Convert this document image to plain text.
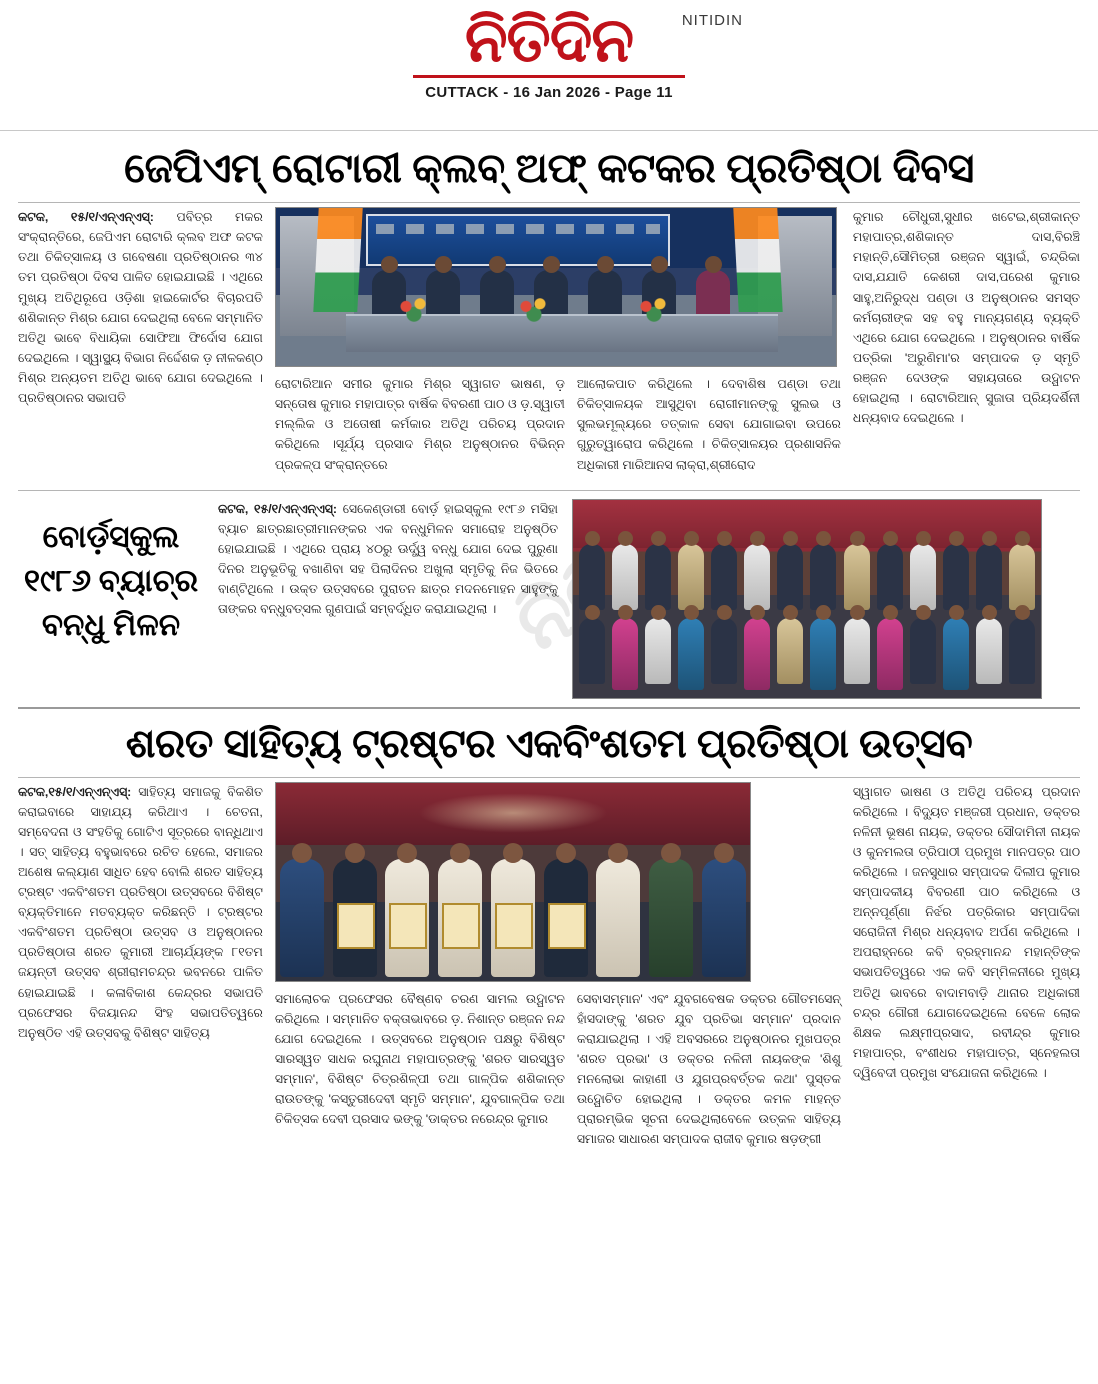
ନିତିଦିନ	NITIDIN
CUTTACK - 16 Jan 2026 - Page 11
ନିତି
ଜେପିଏମ୍ ରୋଟାରୀ କ୍ଲବ୍ ଅଫ୍ କଟକର ପ୍ରତିଷ୍ଠା ଦିବସ

କଟକ, ୧୫/୧/ଏନ୍ଏନ୍ଏସ୍: ପବିତ୍ର ମକର ସଂକ୍ରାନ୍ତିରେ, ଜେପିଏମ ରୋଟାରି କ୍ଲବ ଅଫ କଟକ ତଥା ଚିକିତ୍ସାଳୟ ଓ ଗବେଷଣା ପ୍ରତିଷ୍ଠାନର ୩୪ ତମ ପ୍ରତିଷ୍ଠା ଦିବସ ପାଳିତ ହୋଇଯାଇଛି । ଏଥିରେ ମୁଖ୍ୟ ଅତିଥିରୂପେ ଓଡ଼ିଶା ହାଇକୋର୍ଟର ବିଚାରପତି ଶଶିକାନ୍ତ ମିଶ୍ର ଯୋଗ ଦେଇଥିଲା ବେଳେ ସମ୍ମାନିତ ଅତିଥି ଭାବେ ବିଧାୟିକା ସୋଫିଆ ଫିର୍ଦୋସ ଯୋଗ ଦେଇଥିଲେ । ସ୍ୱାସ୍ଥ୍ୟ ବିଭାଗ ନିର୍ଦ୍ଦେଶକ ଡ଼ ନୀଳକଣ୍ଠ ମିଶ୍ର ଅନ୍ୟତମ ଅତିଥି ଭାବେ ଯୋଗ ଦେଇଥିଲେ । ପ୍ରତିଷ୍ଠାନର ସଭାପତି

ରୋଟାରିଆନ ସମୀର କୁମାର ମିଶ୍ର ସ୍ୱାଗତ ଭାଷଣ, ଡ଼ ସନ୍ତୋଷ କୁମାର ମହାପାତ୍ର ବାର୍ଷିକ ବିବରଣୀ ପାଠ ଓ ଡ଼.ସ୍ୱାତୀ ମଲ୍ଲିକ ଓ ଅତୋଷୀ କର୍ମକାର ଅତିଥି ପରିଚୟ ପ୍ରଦାନ କରିଥିଲେ ।ସୂର୍ଯ୍ୟ ପ୍ରସାଦ ମିଶ୍ର ଅନୁଷ୍ଠାନର ବିଭିନ୍ନ ପ୍ରକଳ୍ପ ସଂକ୍ରାନ୍ତରେ

ଆଲୋକପାତ କରିଥିଲେ । ଦେବାଶିଷ ପଣ୍ଡା ତଥା ଚିକିତ୍ସାଳୟକ ଆସୁଥିବା ରୋଗୀମାନଙ୍କୁ ସୁଲଭ ଓ ସୁଲଭମୂଲ୍ୟରେ ତତ୍କାଳ ସେବା ଯୋଗାଇବା ଉପରେ ଗୁରୁତ୍ୱାରୋପ କରିଥିଲେ । ଚିକିତ୍ସାଳୟର ପ୍ରଶାସନିକ ଅଧିକାରୀ ମାରିଆନସ ଲାକ୍ରା,ଶ୍ରୀରୋଦ

କୁମାର ଚୌଧୁରୀ,ସୁଧୀର ଖଟେଇ,ଶ୍ରୀକାନ୍ତ ମହାପାତ୍ର,ଶଶିକାନ୍ତ ଦାସ,ବିରଞ୍ଚି ମହାନ୍ତି,ସୌମିତ୍ରୀ ରଞ୍ଜନ ସ୍ୱାଇଁ, ଚନ୍ଦ୍ରିକା ଦାସ,ଯଯାତି କେଶରୀ ଦାସ,ପରେଶ କୁମାର ସାହୁ,ଅନିରୁଦ୍ଧ ପଣ୍ଡା ଓ ଅନୁଷ୍ଠାନର ସମସ୍ତ କର୍ମଚାରୀଙ୍କ ସହ ବହୁ ମାନ୍ୟଗଣ୍ୟ ବ୍ୟକ୍ତି ଏଥିରେ ଯୋଗ ଦେଇଥିଲେ । ଅନୁଷ୍ଠାନର ବାର୍ଷିକ ପତ୍ରିକା 'ଅରୁଣିମା'ର ସମ୍ପାଦକ ଡ଼ ସ୍ମୃତି ରଞ୍ଜନ ଦେଓଙ୍କ ସହାୟତାରେ ଉଦ୍ଘାଟନ ହୋଇଥିଲା । ରୋଟାରିଆନ୍ ସୁଜାତା ପ୍ରିୟଦର୍ଶିନୀ ଧନ୍ୟବାଦ ଦେଇଥିଲେ ।

ବୋର୍ଡ଼ସ୍କୁଲ ୧୯୮୬ ବ୍ୟାଚ୍‌ର ବନ୍ଧୁ ମିଳନ

କଟକ, ୧୫/୧/ଏନ୍ଏନ୍ଏସ୍: ସେକେଣ୍ଡାରୀ ବୋର୍ଡ଼ ହାଇସ୍କୁଲ ୧୯୮୬ ମସିହା ବ୍ୟାଚ ଛାତ୍ରଛାତ୍ରୀମାନଙ୍କର ଏକ ବନ୍ଧୁମିଳନ ସମାରୋହ ଅନୁଷ୍ଠିତ ହୋଇଯାଇଛି । ଏଥିରେ ପ୍ରାୟ ୪୦ରୁ ଊର୍ଦ୍ଧ୍ୱ ବନ୍ଧୁ ଯୋଗ ଦେଇ ପୁରୁଣା ଦିନର ଅନୁଭୂତିକୁ ବଖାଣିବା ସହ ପିଲାଦିନର ଅଖୁଲା ସ୍ମୃତିକୁ ନିଜ ଭିତରେ ବାଣ୍ଟିଥିଲେ । ଉକ୍ତ ଉତ୍ସବରେ ପୁରାତନ ଛାତ୍ର ମଦନମୋହନ ସାହୁଙ୍କୁ ତାଙ୍କର ବନ୍ଧୁବତ୍ସଲ ଗୁଣପାଇଁ ସମ୍ବର୍ଦ୍ଧିତ କରାଯାଇଥିଲା ।

ଶରତ ସାହିତ୍ୟ ଟ୍ରଷ୍ଟର ଏକବିଂଶତମ ପ୍ରତିଷ୍ଠା ଉତ୍ସବ

କଟକ,୧୫/୧/ଏନ୍ଏନ୍ଏସ୍: ସାହିତ୍ୟ ସମାଜକୁ ବିକଶିତ କରାଇବାରେ ସାହାଯ୍ୟ କରିଥାଏ । ଚେତନା, ସମ୍ବେଦନା ଓ ସଂହତିକୁ ଗୋଟିଏ ସୂତ୍ରରେ ବାନ୍ଧିଥାଏ । ସତ୍ ସାହିତ୍ୟ ବହୁଭାବରେ ରଚିତ ହେଲେ, ସମାଜର ଅଶେଷ କଲ୍ୟାଣ ସାଧିତ ହେବ ବୋଲି ଶରତ ସାହିତ୍ୟ ଟ୍ରଷ୍ଟ ଏକବିଂଶତମ ପ୍ରତିଷ୍ଠା ଉତ୍ସବରେ ବିଶିଷ୍ଟ ବ୍ୟକ୍ତିମାନେ ମତବ୍ୟକ୍ତ କରିଛନ୍ତି । ଟ୍ରଷ୍ଟର ଏକବିଂଶତମ ପ୍ରତିଷ୍ଠା ଉତ୍ସବ ଓ ଅନୁଷ୍ଠାନର ପ୍ରତିଷ୍ଠାତା ଶରତ କୁମାରୀ ଆଚାର୍ଯ୍ୟଙ୍କ ୮୧ତମ ଜୟନ୍ତୀ ଉତ୍ସବ ଶ୍ରୀରାମଚନ୍ଦ୍ର ଭବନରେ ପାଳିତ ହୋଇଯାଇଛି । କଳାବିକାଶ କେନ୍ଦ୍ରର ସଭାପତି ପ୍ରଫେସର ବିଜୟାନନ୍ଦ ସିଂହ ସଭାପତିତ୍ୱରେ ଅନୁଷ୍ଠିତ ଏହି ଉତ୍ସବକୁ ବିଶିଷ୍ଟ ସାହିତ୍ୟ

ସମାଲୋଚକ ପ୍ରଫେସର ବୈଷ୍ଣବ ଚରଣ ସାମଲ ଉଦ୍ଘାଟନ କରିଥିଲେ । ସମ୍ମାନିତ ବକ୍ତାଭାବରେ ଡ଼. ନିଶାନ୍ତ ରଞ୍ଜନ ନନ୍ଦ ଯୋଗ ଦେଇଥିଲେ । ଉତ୍ସବରେ ଅନୁଷ୍ଠାନ ପକ୍ଷରୁ ବିଶିଷ୍ଟ ସାରସ୍ୱତ ସାଧକ ରଘୁନାଥ ମହାପାତ୍ରଙ୍କୁ 'ଶରତ ସାରସ୍ୱତ ସମ୍ମାନ', ବିଶିଷ୍ଟ ଚିତ୍ରଶିଳ୍ପୀ ତଥା ଗାଳ୍ପିକ ଶଶିକାନ୍ତ ରାଉତଙ୍କୁ 'କସ୍ତୁରୀଦେବୀ ସ୍ମୃତି ସମ୍ମାନ', ଯୁବଗାଳ୍ପିକ ତଥା ଚିକିତ୍ସକ ଦେବୀ ପ୍ରସାଦ ଭଙ୍କୁ 'ଡାକ୍ତର ନରେନ୍ଦ୍ର କୁମାର

ସେବାସମ୍ମାନ' ଏବଂ ଯୁବଗବେଷକ ଡକ୍ତର ଗୌତମସେନ୍ ହାଁସଦାଙ୍କୁ 'ଶରତ ଯୁବ ପ୍ରତିଭା ସମ୍ମାନ' ପ୍ରଦାନ କରାଯାଇଥିଲା । ଏହି ଅବସରରେ ଅନୁଷ୍ଠାନର ମୁଖପତ୍ର 'ଶରତ ପ୍ରଭା' ଓ ଡକ୍ତର ନଳିନୀ ନାୟକଙ୍କ 'ଶିଶୁ ମନଲୋଭା କାହାଣୀ ଓ ଯୁଗପ୍ରବର୍ତ୍ତକ କଥା' ପୁସ୍ତକ ଉଦ୍ଘୋଚିତ ହୋଇଥିଲା । ଡକ୍ତର କମଳ ମାହନ୍ତ ପ୍ରାରମ୍ଭିକ ସୂଚନା ଦେଇଥିଲାବେଳେ ଉତ୍କଳ ସାହିତ୍ୟ ସମାଜର ସାଧାରଣ ସମ୍ପାଦକ ରାଜୀବ କୁମାର ଷଡ଼ଙ୍ଗୀ

ସ୍ୱାଗତ ଭାଷଣ ଓ ଅତିଥି ପରିଚୟ ପ୍ରଦାନ କରିଥିଲେ । ବିଦ୍ୟୁତ ମଞ୍ଜରୀ ପ୍ରଧାନ, ଡକ୍ତର ନଳିନୀ ଭୂଷଣ ନାୟକ, ଡକ୍ତର ସୌଦାମିନୀ ନାୟକ ଓ କୁନମଲତା ତ୍ରିପାଠୀ ପ୍ରମୁଖ ମାନପତ୍ର ପାଠ କରିଥିଲେ । ଜନସୁଧାର ସମ୍ପାଦକ ଦିଲୀପ କୁମାର ସମ୍ପାଦକୀୟ ବିବରଣୀ ପାଠ କରିଥିଲେ ଓ ଅନ୍ନପୂର୍ଣ୍ଣା ନିର୍ଝର ପତ୍ରିକାର ସମ୍ପାଦିକା ସରୋଜିନୀ ମିଶ୍ର ଧନ୍ୟବାଦ ଅର୍ପଣ କରିଥିଲେ । ଅପରାହ୍ନରେ କବି ବ୍ରହ୍ମାନନ୍ଦ ମହାନ୍ତିଙ୍କ ସଭାପତିତ୍ୱରେ ଏକ କବି ସମ୍ମିଳନୀରେ ମୁଖ୍ୟ ଅତିଥି ଭାବରେ ବାଦାମବାଡ଼ି ଥାନାର ଅଧିକାରୀ ଚନ୍ଦ୍ର ଗୌରୀ ଯୋଗଦେଇଥିଲେ ବେଳେ ଲୋକ ଶିକ୍ଷକ ଲକ୍ଷ୍ମୀପ୍ରସାଦ, ରବୀନ୍ଦ୍ର କୁମାର ମହାପାତ୍ର, ବଂଶୀଧର ମହାପାତ୍ର, ସ୍ନେହଲତା ଦ୍ୱିବେଦୀ ପ୍ରମୁଖ ସଂଯୋଜନା କରିଥିଲେ ।
